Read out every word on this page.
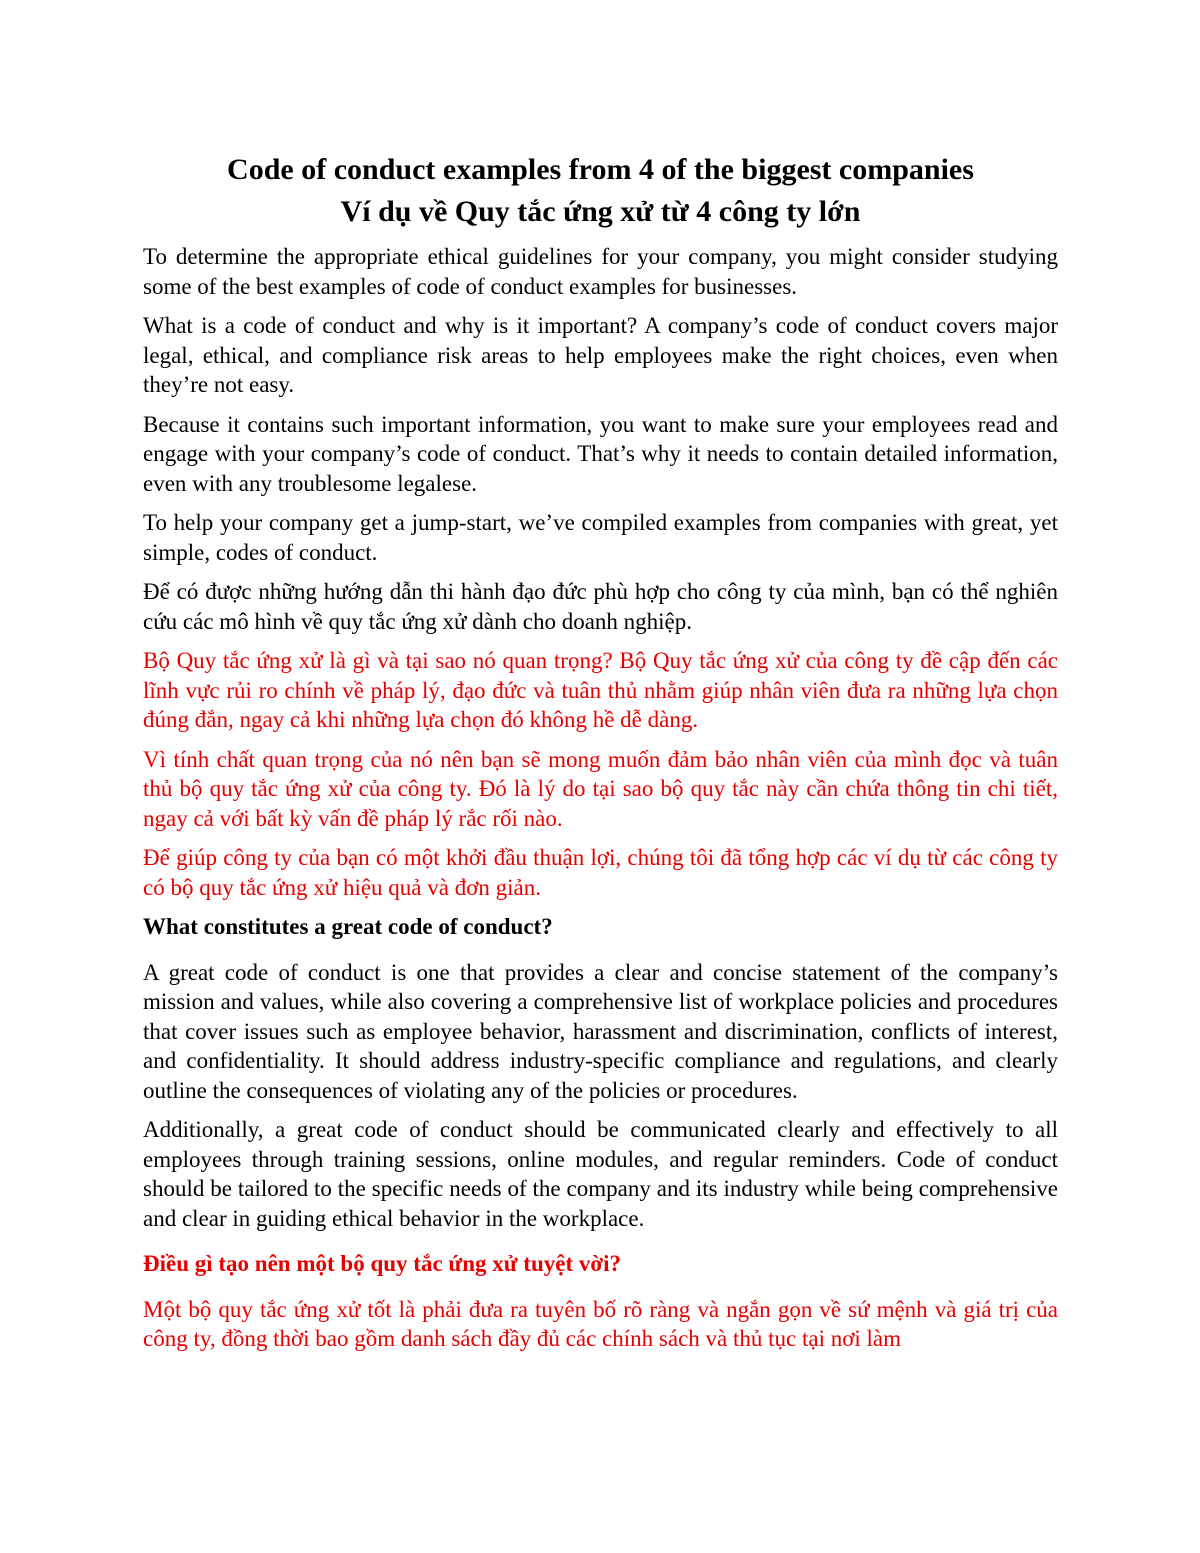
Code of conduct examples from 4 of the biggest companies

Ví dụ về Quy tắc ứng xử từ 4 công ty lớn

To determine the appropriate ethical guidelines for your company, you might consider studying some of the best examples of code of conduct examples for businesses.

What is a code of conduct and why is it important? A company’s code of conduct covers major legal, ethical, and compliance risk areas to help employees make the right choices, even when they’re not easy.

Because it contains such important information, you want to make sure your employees read and engage with your company’s code of conduct. That’s why it needs to contain detailed information, even with any troublesome legalese.

To help your company get a jump-start, we’ve compiled examples from companies with great, yet simple, codes of conduct.

Để có được những hướng dẫn thi hành đạo đức phù hợp cho công ty của mình, bạn có thể nghiên cứu các mô hình về quy tắc ứng xử dành cho doanh nghiệp.

Bộ Quy tắc ứng xử là gì và tại sao nó quan trọng? Bộ Quy tắc ứng xử của công ty đề cập đến các lĩnh vực rủi ro chính về pháp lý, đạo đức và tuân thủ nhằm giúp nhân viên đưa ra những lựa chọn đúng đắn, ngay cả khi những lựa chọn đó không hề dễ dàng.

Vì tính chất quan trọng của nó nên bạn sẽ mong muốn đảm bảo nhân viên của mình đọc và tuân thủ bộ quy tắc ứng xử của công ty. Đó là lý do tại sao bộ quy tắc này cần chứa thông tin chi tiết, ngay cả với bất kỳ vấn đề pháp lý rắc rối nào.

Để giúp công ty của bạn có một khởi đầu thuận lợi, chúng tôi đã tổng hợp các ví dụ từ các công ty có bộ quy tắc ứng xử hiệu quả và đơn giản.

What constitutes a great code of conduct?

A great code of conduct is one that provides a clear and concise statement of the company’s mission and values, while also covering a comprehensive list of workplace policies and procedures that cover issues such as employee behavior, harassment and discrimination, conflicts of interest, and confidentiality. It should address industry-specific compliance and regulations, and clearly outline the consequences of violating any of the policies or procedures.

Additionally, a great code of conduct should be communicated clearly and effectively to all employees through training sessions, online modules, and regular reminders. Code of conduct should be tailored to the specific needs of the company and its industry while being comprehensive and clear in guiding ethical behavior in the workplace.

Điều gì tạo nên một bộ quy tắc ứng xử tuyệt vời?

Một bộ quy tắc ứng xử tốt là phải đưa ra tuyên bố rõ ràng và ngắn gọn về sứ mệnh và giá trị của công ty, đồng thời bao gồm danh sách đầy đủ các chính sách và thủ tục tại nơi làm
